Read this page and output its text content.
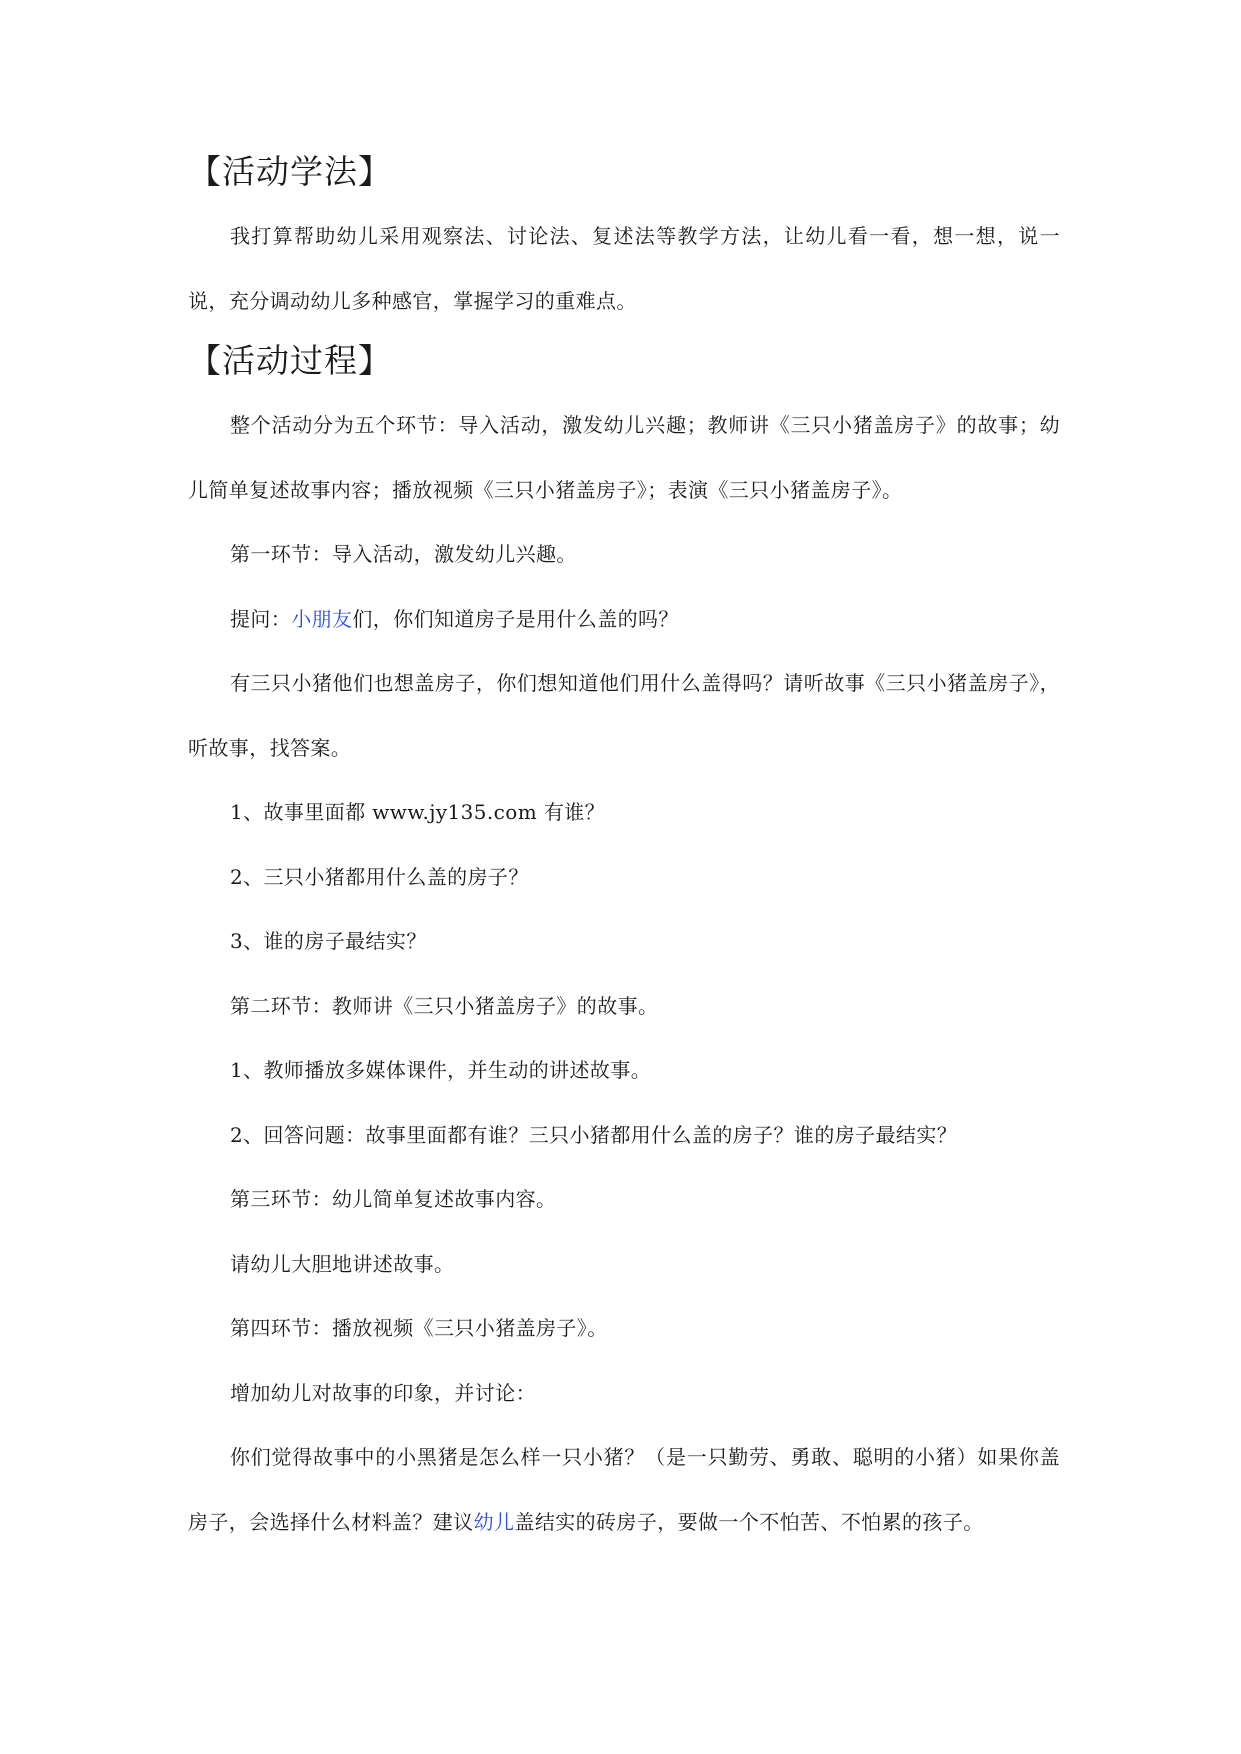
【活动学法】

我打算帮助幼儿采用观察法、讨论法、复述法等教学方法，让幼儿看一看，想一想，说一说，充分调动幼儿多种感官，掌握学习的重难点。

【活动过程】

整个活动分为五个环节：导入活动，激发幼儿兴趣；教师讲《三只小猪盖房子》的故事；幼儿简单复述故事内容；播放视频《三只小猪盖房子》；表演《三只小猪盖房子》。

第一环节：导入活动，激发幼儿兴趣。

提问：小朋友们，你们知道房子是用什么盖的吗？

有三只小猪他们也想盖房子，你们想知道他们用什么盖得吗？请听故事《三只小猪盖房子》，听故事，找答案。

1、故事里面都 www.jy135.com 有谁？

2、三只小猪都用什么盖的房子？

3、谁的房子最结实？

第二环节：教师讲《三只小猪盖房子》的故事。

1、教师播放多媒体课件，并生动的讲述故事。

2、回答问题：故事里面都有谁？三只小猪都用什么盖的房子？谁的房子最结实？

第三环节：幼儿简单复述故事内容。

请幼儿大胆地讲述故事。

第四环节：播放视频《三只小猪盖房子》。

增加幼儿对故事的印象，并讨论：

你们觉得故事中的小黑猪是怎么样一只小猪？（是一只勤劳、勇敢、聪明的小猪）如果你盖房子，会选择什么材料盖？建议幼儿盖结实的砖房子，要做一个不怕苦、不怕累的孩子。
